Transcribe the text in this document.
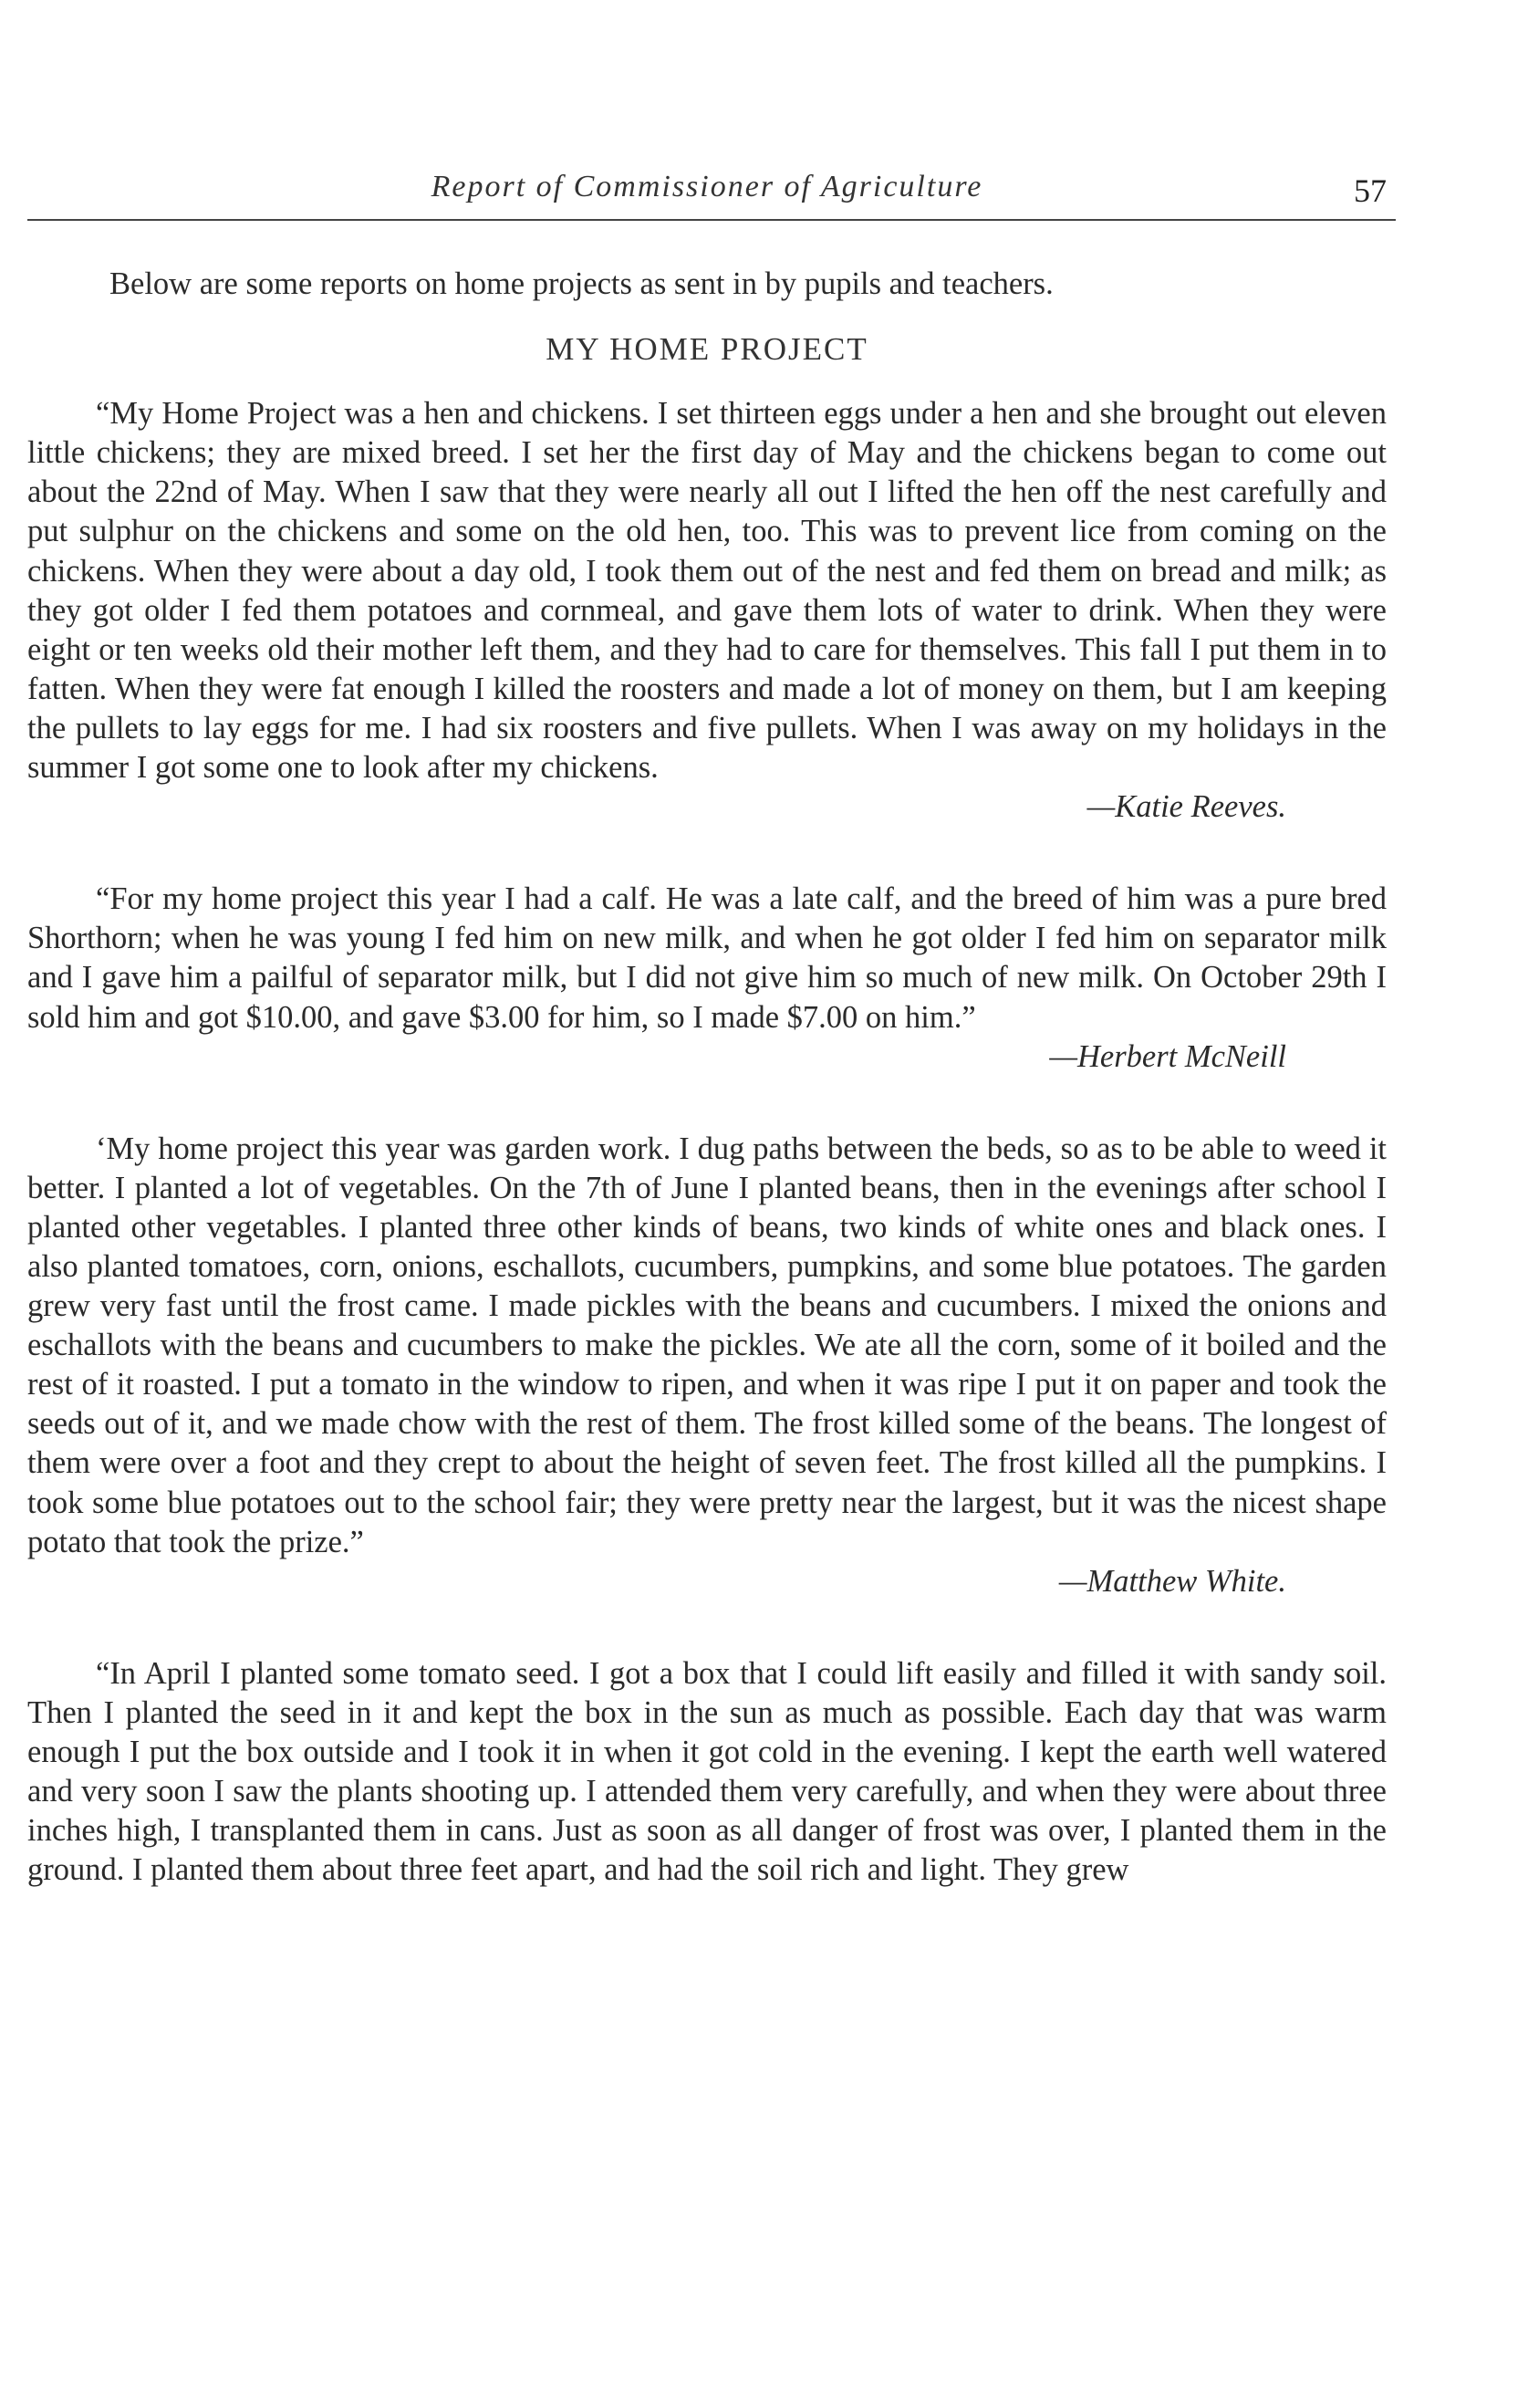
Report of Commissioner of Agriculture	57

Below are some reports on home projects as sent in by pupils and teachers.

MY HOME PROJECT

“My Home Project was a hen and chickens. I set thirteen eggs under a hen and she brought out eleven little chickens; they are mixed breed. I set her the first day of May and the chickens began to come out about the 22nd of May. When I saw that they were nearly all out I lifted the hen off the nest carefully and put sulphur on the chickens and some on the old hen, too. This was to prevent lice from coming on the chickens. When they were about a day old, I took them out of the nest and fed them on bread and milk; as they got older I fed them potatoes and cornmeal, and gave them lots of water to drink. When they were eight or ten weeks old their mother left them, and they had to care for themselves. This fall I put them in to fatten. When they were fat enough I killed the roosters and made a lot of money on them, but I am keeping the pullets to lay eggs for me. I had six roosters and five pullets. When I was away on my holidays in the summer I got some one to look after my chickens.

—Katie Reeves.

“For my home project this year I had a calf. He was a late calf, and the breed of him was a pure bred Shorthorn; when he was young I fed him on new milk, and when he got older I fed him on separator milk and I gave him a pailful of separator milk, but I did not give him so much of new milk. On October 29th I sold him and got $10.00, and gave $3.00 for him, so I made $7.00 on him.”

—Herbert McNeill

‘My home project this year was garden work. I dug paths between the beds, so as to be able to weed it better. I planted a lot of vegetables. On the 7th of June I planted beans, then in the evenings after school I planted other vegetables. I planted three other kinds of beans, two kinds of white ones and black ones. I also planted tomatoes, corn, onions, eschallots, cucumbers, pumpkins, and some blue potatoes. The garden grew very fast until the frost came. I made pickles with the beans and cucumbers. I mixed the onions and eschallots with the beans and cucumbers to make the pickles. We ate all the corn, some of it boiled and the rest of it roasted. I put a tomato in the window to ripen, and when it was ripe I put it on paper and took the seeds out of it, and we made chow with the rest of them. The frost killed some of the beans. The longest of them were over a foot and they crept to about the height of seven feet. The frost killed all the pumpkins. I took some blue potatoes out to the school fair; they were pretty near the largest, but it was the nicest shape potato that took the prize.”

—Matthew White.

“In April I planted some tomato seed. I got a box that I could lift easily and filled it with sandy soil. Then I planted the seed in it and kept the box in the sun as much as possible. Each day that was warm enough I put the box outside and I took it in when it got cold in the evening. I kept the earth well watered and very soon I saw the plants shooting up. I attended them very carefully, and when they were about three inches high, I transplanted them in cans. Just as soon as all danger of frost was over, I planted them in the ground. I planted them about three feet apart, and had the soil rich and light. They grew
